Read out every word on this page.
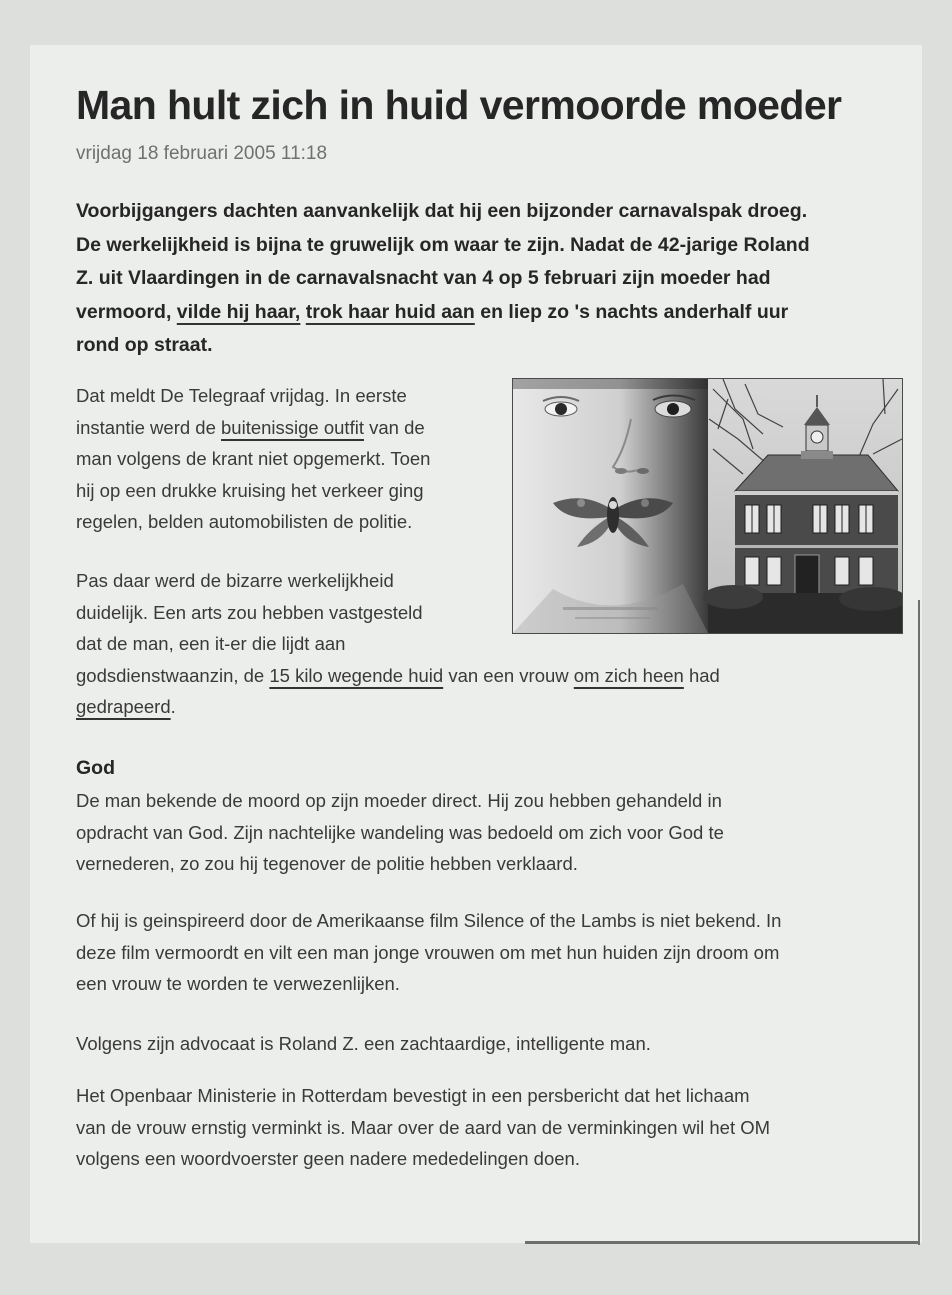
Man hult zich in huid vermoorde moeder
vrijdag 18 februari 2005 11:18
Voorbijgangers dachten aanvankelijk dat hij een bijzonder carnavalspak droeg.
De werkelijkheid is bijna te gruwelijk om waar te zijn. Nadat de 42-jarige Roland
Z. uit Vlaardingen in de carnavalsnacht van 4 op 5 februari zijn moeder had
vermoord, vilde hij haar, trok haar huid aan en liep zo 's nachts anderhalf uur
rond op straat.
Dat meldt De Telegraaf vrijdag. In eerste
instantie werd de buitenissige outfit van de
man volgens de krant niet opgemerkt. Toen
hij op een drukke kruising het verkeer ging
regelen, belden automobilisten de politie.
Pas daar werd de bizarre werkelijkheid
duidelijk. Een arts zou hebben vastgesteld
dat de man, een it-er die lijdt aan
godsdienstwaanzin, de 15 kilo wegende huid van een vrouw om zich heen had
gedrapeerd.
God
De man bekende de moord op zijn moeder direct. Hij zou hebben gehandeld in
opdracht van God. Zijn nachtelijke wandeling was bedoeld om zich voor God te
vernederen, zo zou hij tegenover de politie hebben verklaard.
Of hij is geinspireerd door de Amerikaanse film Silence of the Lambs is niet bekend. In
deze film vermoordt en vilt een man jonge vrouwen om met hun huiden zijn droom om
een vrouw te worden te verwezenlijken.
Volgens zijn advocaat is Roland Z. een zachtaardige, intelligente man.
Het Openbaar Ministerie in Rotterdam bevestigt in een persbericht dat het lichaam
van de vrouw ernstig verminkt is. Maar over de aard van de verminkingen wil het OM
volgens een woordvoerster geen nadere mededelingen doen.
